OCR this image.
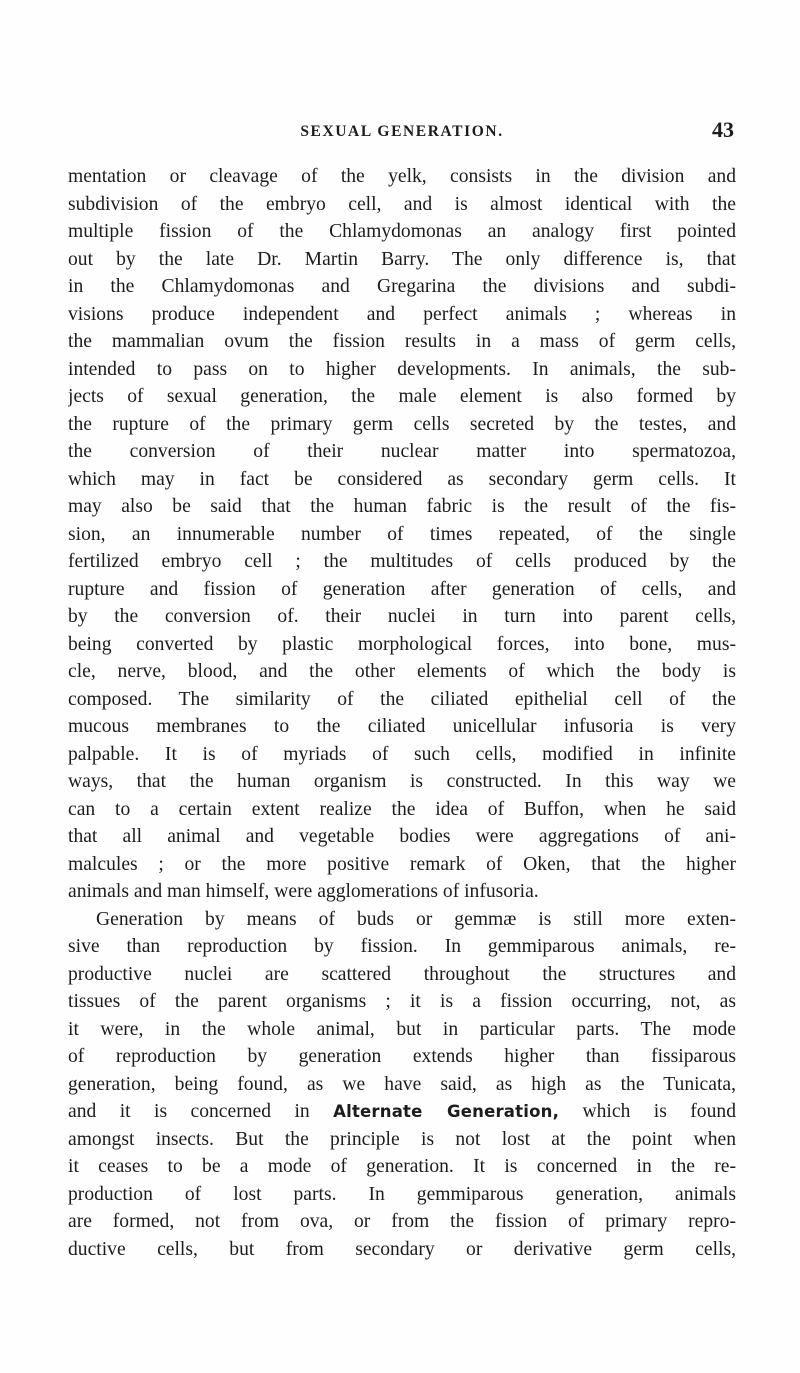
SEXUAL GENERATION.	43
mentation or cleavage of the yelk, consists in the division and
subdivision of the embryo cell, and is almost identical with the
multiple fission of the Chlamydomonas an analogy first pointed
out by the late Dr. Martin Barry. The only difference is, that
in the Chlamydomonas and Gregarina the divisions and subdi-
visions produce independent and perfect animals ; whereas in
the mammalian ovum the fission results in a mass of germ cells,
intended to pass on to higher developments. In animals, the sub-
jects of sexual generation, the male element is also formed by
the rupture of the primary germ cells secreted by the testes, and
the conversion of their nuclear matter into spermatozoa,
which may in fact be considered as secondary germ cells. It
may also be said that the human fabric is the result of the fis-
sion, an innumerable number of times repeated, of the single
fertilized embryo cell ; the multitudes of cells produced by the
rupture and fission of generation after generation of cells, and
by the conversion of. their nuclei in turn into parent cells,
being converted by plastic morphological forces, into bone, mus-
cle, nerve, blood, and the other elements of which the body is
composed. The similarity of the ciliated epithelial cell of the
mucous membranes to the ciliated unicellular infusoria is very
palpable. It is of myriads of such cells, modified in infinite
ways, that the human organism is constructed. In this way we
can to a certain extent realize the idea of Buffon, when he said
that all animal and vegetable bodies were aggregations of ani-
malcules ; or the more positive remark of Oken, that the higher
animals and man himself, were agglomerations of infusoria.
Generation by means of buds or gemmæ is still more exten-
sive than reproduction by fission. In gemmiparous animals, re-
productive nuclei are scattered throughout the structures and
tissues of the parent organisms ; it is a fission occurring, not, as
it were, in the whole animal, but in particular parts. The mode
of reproduction by generation extends higher than fissiparous
generation, being found, as we have said, as high as the Tunicata,
and it is concerned in Alternate Generation, which is found
amongst insects. But the principle is not lost at the point when
it ceases to be a mode of generation. It is concerned in the re-
production of lost parts. In gemmiparous generation, animals
are formed, not from ova, or from the fission of primary repro-
ductive cells, but from secondary or derivative germ cells,
